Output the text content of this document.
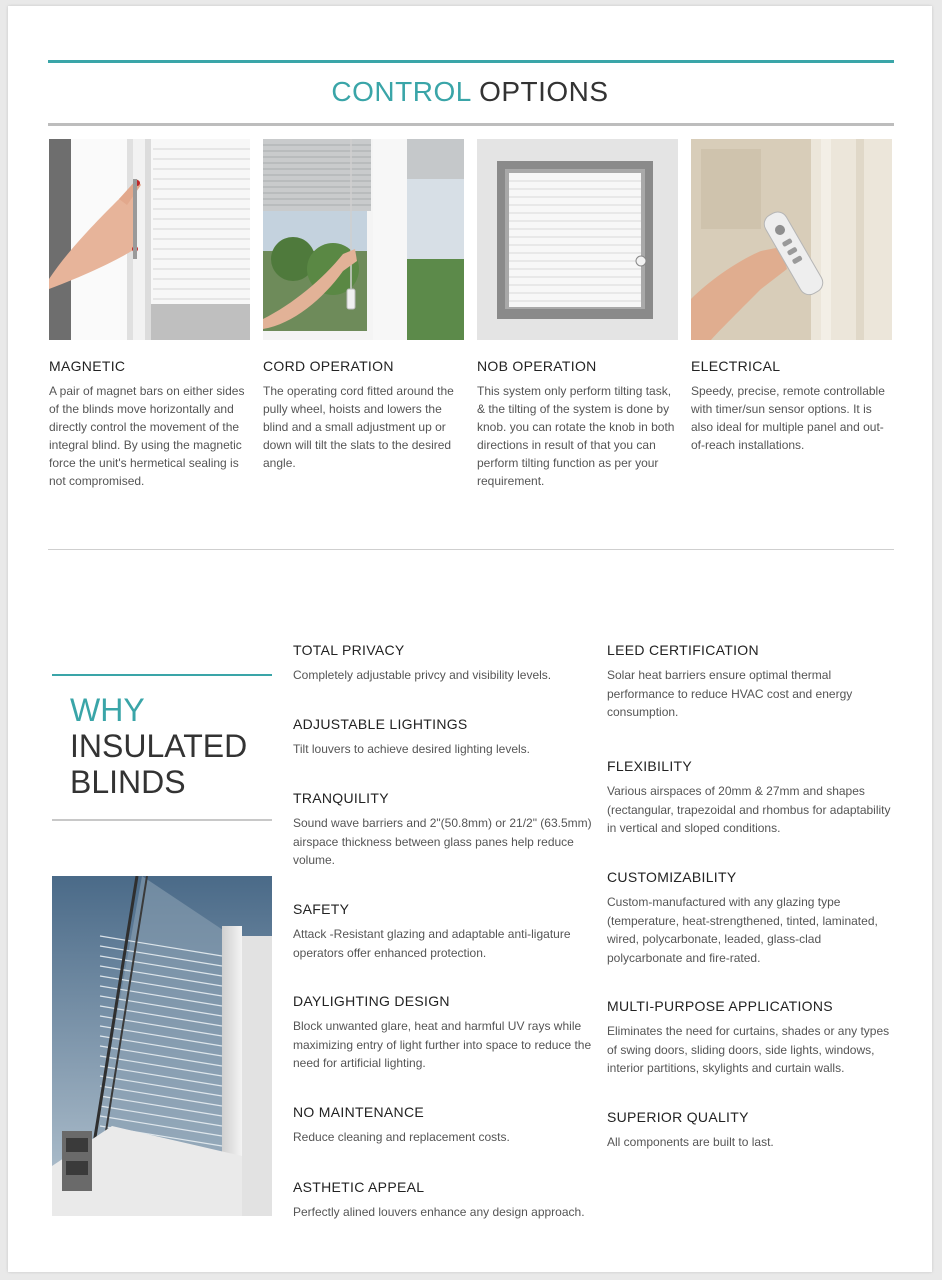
CONTROL OPTIONS
MAGNETIC

A pair of magnet bars on either sides of the blinds move horizontally and directly control the movement of the integral blind. By using the magnetic force the unit's hermetical sealing is not compromised.

CORD OPERATION

The operating cord fitted around the pully wheel, hoists and lowers the blind and a small adjustment up or down will tilt the slats to the desired angle.

NOB OPERATION

This system only perform tilting task, & the tilting of the system is done by knob. you can rotate the knob in both directions in result of that you can perform tilting function as per your requirement.

ELECTRICAL

Speedy, precise, remote controllable with timer/sun sensor options. It is also ideal for multiple panel and out-of-reach installations.

WHY
INSULATED
BLINDS
TOTAL PRIVACY

Completely adjustable privcy and visibility levels.

ADJUSTABLE LIGHTINGS

Tilt louvers to achieve desired lighting levels.

TRANQUILITY

Sound wave barriers and 2"(50.8mm) or 21/2" (63.5mm) airspace thickness between glass panes help reduce volume.

SAFETY

Attack -Resistant glazing and adaptable anti-ligature operators offer enhanced protection.

DAYLIGHTING DESIGN

Block unwanted glare, heat and harmful UV rays while maximizing entry of light further into space to reduce the need for artificial lighting.

NO MAINTENANCE

Reduce cleaning and replacement costs.

ASTHETIC APPEAL

Perfectly alined louvers enhance any design approach.

LEED CERTIFICATION

Solar heat barriers ensure optimal thermal performance to reduce HVAC cost and energy consumption.

FLEXIBILITY

Various airspaces of 20mm & 27mm and shapes (rectangular, trapezoidal and rhombus for adaptability in vertical and sloped conditions.

CUSTOMIZABILITY

Custom-manufactured with any glazing type (temperature, heat-strengthened, tinted, laminated, wired, polycarbonate, leaded, glass-clad polycarbonate and fire-rated.

MULTI-PURPOSE APPLICATIONS

Eliminates the need for curtains, shades or any types of swing doors, sliding doors, side lights, windows, interior partitions, skylights and curtain walls.

SUPERIOR QUALITY

All components are built to last.
